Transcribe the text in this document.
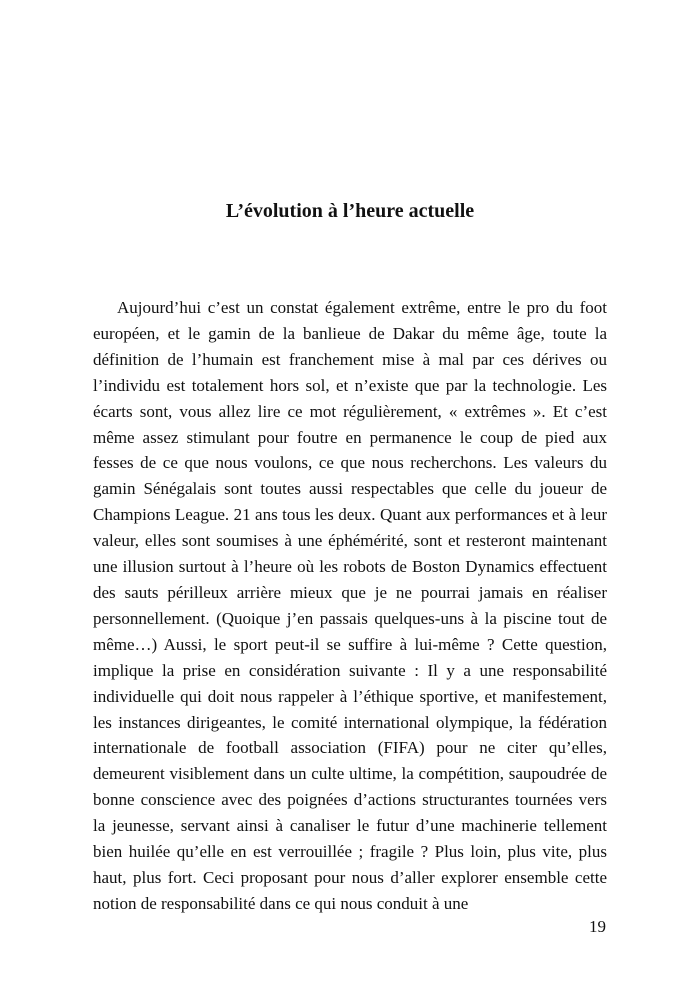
L’évolution à l’heure actuelle

Aujourd’hui c’est un constat également extrême, entre le pro du foot européen, et le gamin de la banlieue de Dakar du même âge, toute la définition de l’humain est franchement mise à mal par ces dérives ou l’individu est totalement hors sol, et n’existe que par la technologie. Les écarts sont, vous allez lire ce mot régulièrement, « extrêmes ». Et c’est même assez stimulant pour foutre en permanence le coup de pied aux fesses de ce que nous voulons, ce que nous recherchons. Les valeurs du gamin Sénégalais sont toutes aussi respectables que celle du joueur de Champions League. 21 ans tous les deux. Quant aux performances et à leur valeur, elles sont soumises à une éphémérité, sont et resteront maintenant une illusion surtout à l’heure où les robots de Boston Dynamics effectuent des sauts périlleux arrière mieux que je ne pourrai jamais en réaliser personnellement. (Quoique j’en passais quelques-uns à la piscine tout de même…) Aussi, le sport peut-il se suffire à lui-même ? Cette question, implique la prise en considération suivante : Il y a une responsabilité individuelle qui doit nous rappeler à l’éthique sportive, et manifestement, les instances dirigeantes, le comité international olympique, la fédération internationale de football association (FIFA) pour ne citer qu’elles, demeurent visiblement dans un culte ultime, la compétition, saupoudrée de bonne conscience avec des poignées d’actions structurantes tournées vers la jeunesse, servant ainsi à canaliser le futur d’une machinerie tellement bien huilée qu’elle en est verrouillée ; fragile ? Plus loin, plus vite, plus haut, plus fort. Ceci proposant pour nous d’aller explorer ensemble cette notion de responsabilité dans ce qui nous conduit à une

19
